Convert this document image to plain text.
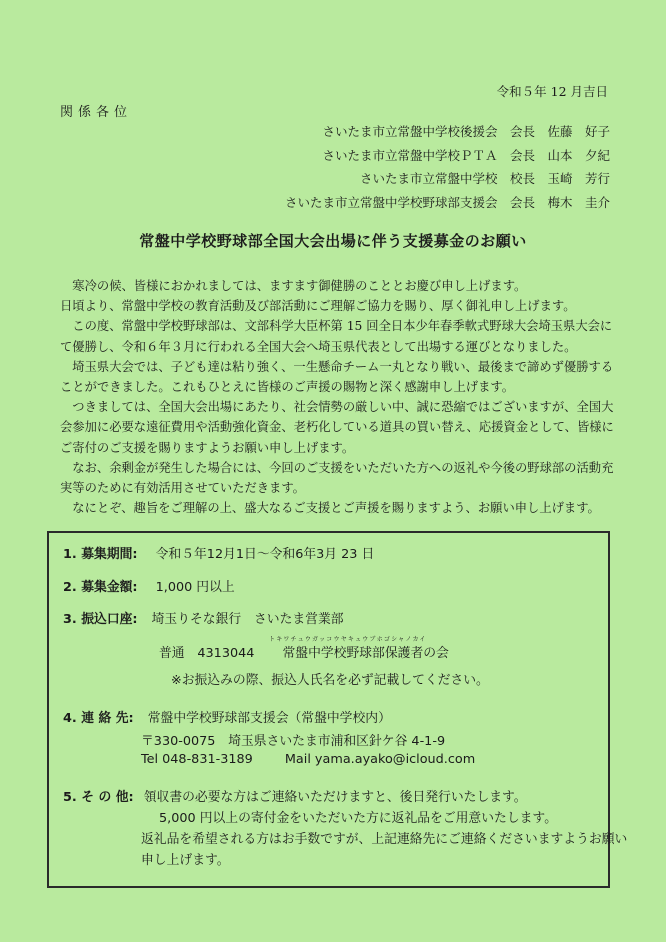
令和５年 12 月吉日
関係各位
さいたま市立常盤中学校後援会　会長　佐藤　好子
さいたま市立常盤中学校ＰＴＡ　会長　山本　夕紀
さいたま市立常盤中学校　校長　玉崎　芳行
さいたま市立常盤中学校野球部支援会　会長　梅木　圭介
常盤中学校野球部全国大会出場に伴う支援募金のお願い

　寒冷の候、皆様におかれましては、ますます御健勝のこととお慶び申し上げます。

日頃より、常盤中学校の教育活動及び部活動にご理解ご協力を賜り、厚く御礼申し上げます。

　この度、常盤中学校野球部は、文部科学大臣杯第 15 回全日本少年春季軟式野球大会埼玉県大会にて優勝し、令和６年３月に行われる全国大会へ埼玉県代表として出場する運びとなりました。

　埼玉県大会では、子ども達は粘り強く、一生懸命チーム一丸となり戦い、最後まで諦めず優勝することができました。これもひとえに皆様のご声援の賜物と深く感謝申し上げます。

　つきましては、全国大会出場にあたり、社会情勢の厳しい中、誠に恐縮ではございますが、全国大会参加に必要な遠征費用や活動強化資金、老朽化している道具の買い替え、応援資金として、皆様にご寄付のご支援を賜りますようお願い申し上げます。

　なお、余剰金が発生した場合には、今回のご支援をいただいた方への返礼や今後の野球部の活動充実等のために有効活用させていただきます。

　なにとぞ、趣旨をご理解の上、盛大なるご支援とご声援を賜りますよう、お願い申し上げます。

1. 募集期間: 令和５年12月1日～令和6年3月 23 日
2. 募集金額: 1,000 円以上
3. 振込口座: 埼玉りそな銀行　さいたま営業部
トキワチュウガッコウヤキュウブホゴシャノカイ
普通　4313044 常盤中学校野球部保護者の会
※お振込みの際、振込人氏名を必ず記載してください。
4. 連 絡 先: 常盤中学校野球部支援会（常盤中学校内）
〒330-0075　埼玉県さいたま市浦和区針ケ谷 4-1-9
Tel 048-831-3189	Mail yama.ayako@icloud.com
5. そ の 他: 領収書の必要な方はご連絡いただけますと、後日発行いたします。
5,000 円以上の寄付金をいただいた方に返礼品をご用意いたします。
返礼品を希望される方はお手数ですが、上記連絡先にご連絡くださいますようお願い
申し上げます。
